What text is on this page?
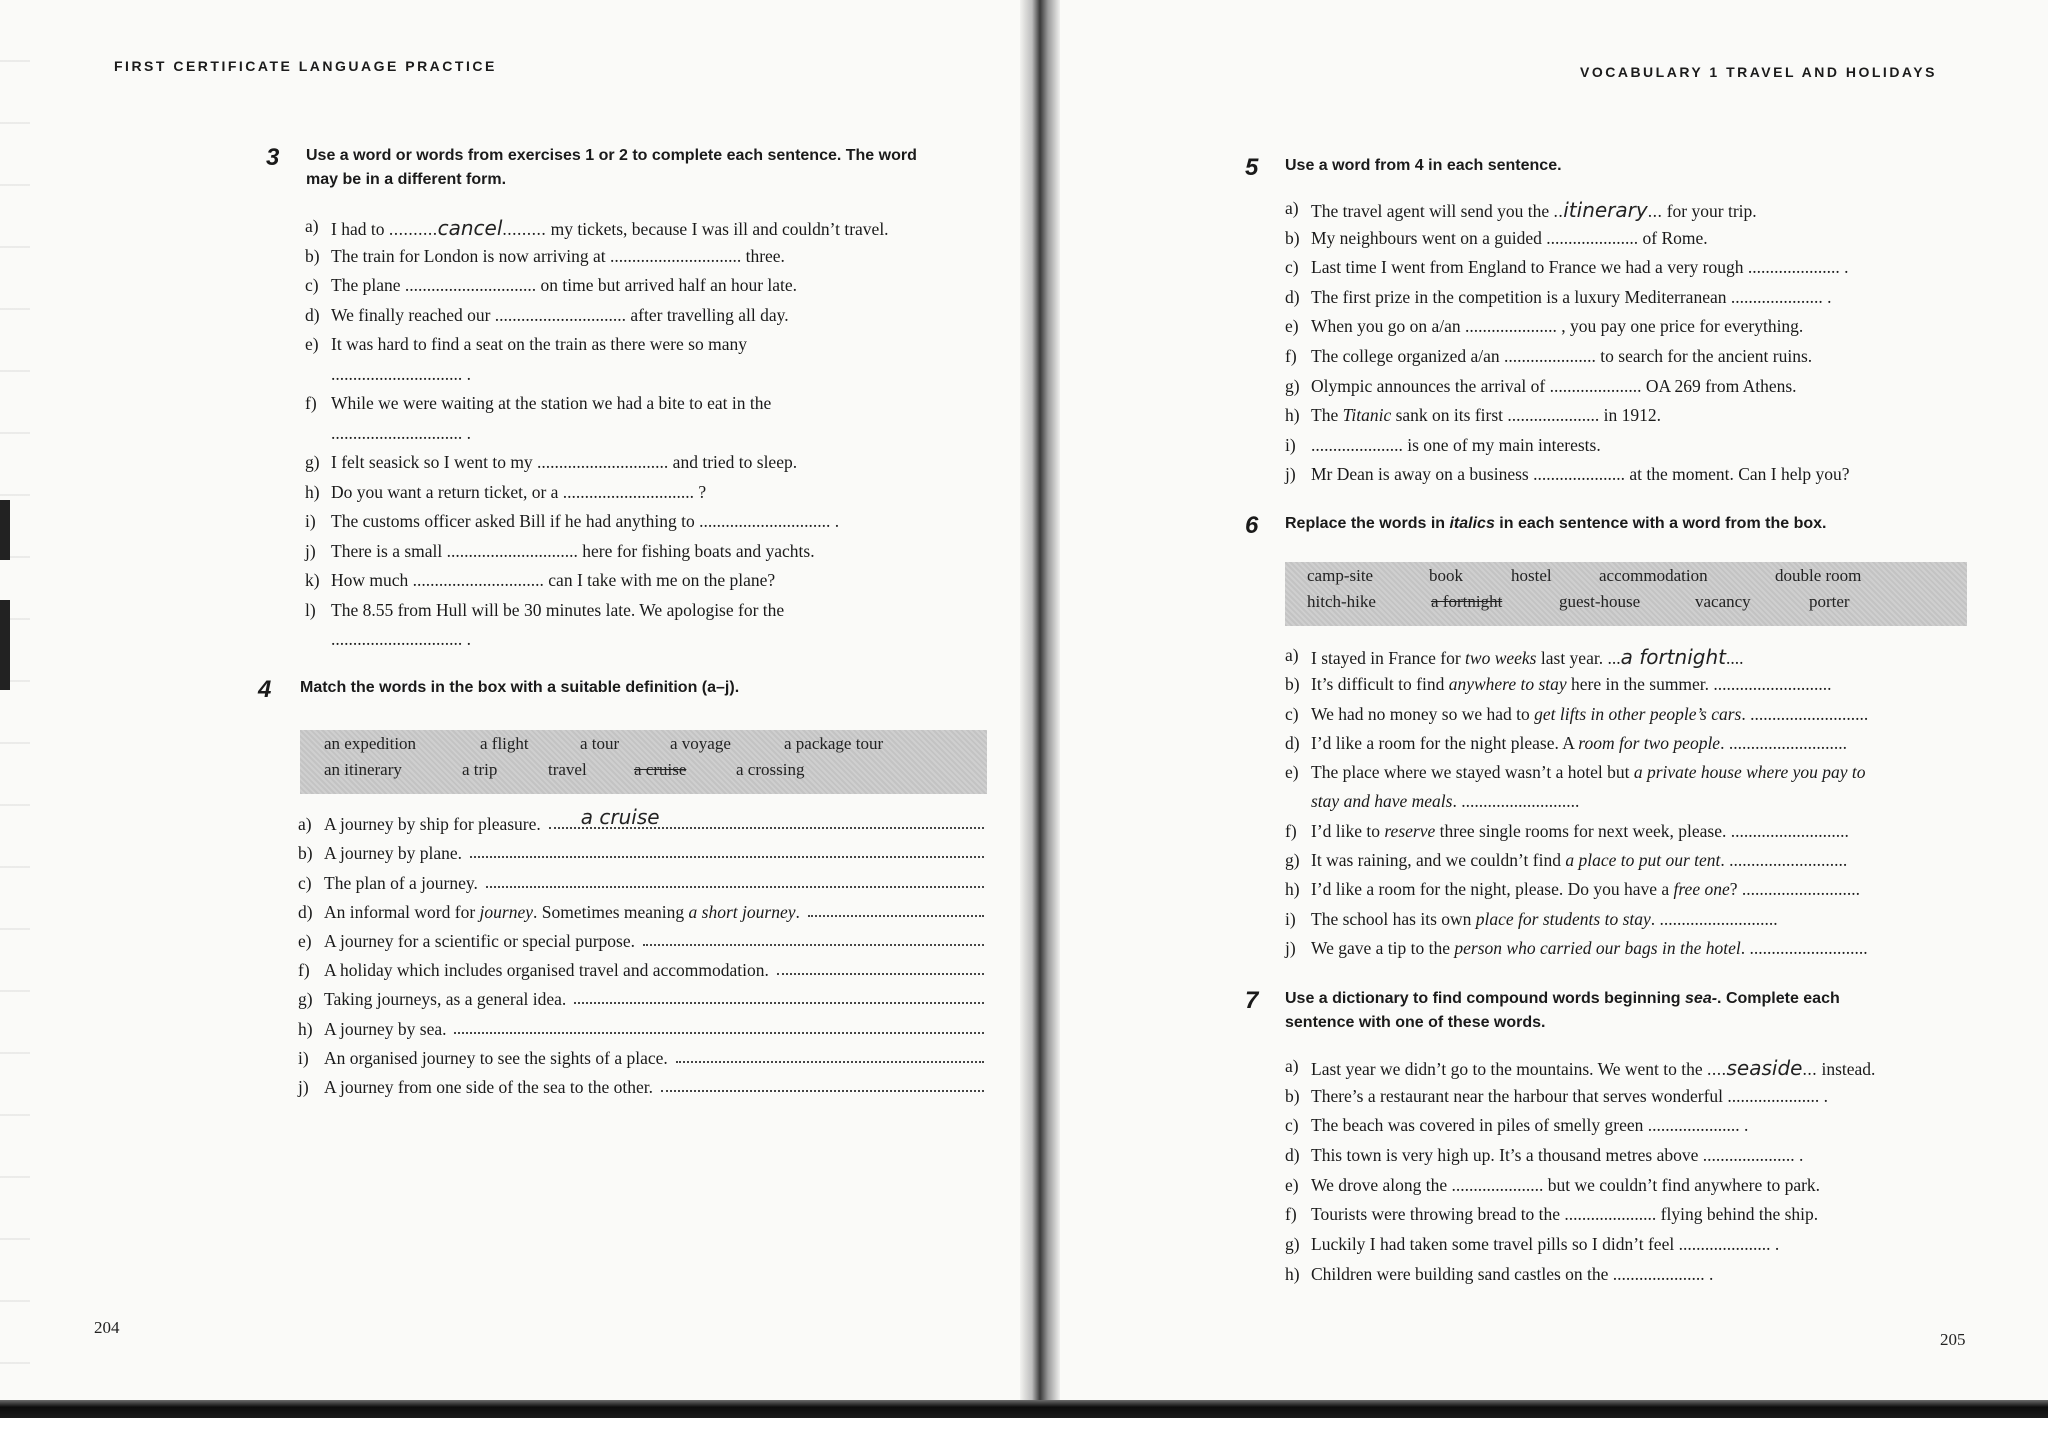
FIRST CERTIFICATE LANGUAGE PRACTICE	VOCABULARY 1 TRAVEL AND HOLIDAYS
3	Use a word or words from exercises 1 or 2 to complete each sentence. The word
may be in a different form.
a) I had to ..........cancel......... my tickets, because I was ill and couldn’t travel.
b) The train for London is now arriving at .............................. three.
c) The plane .............................. on time but arrived half an hour late.
d) We finally reached our .............................. after travelling all day.
e) It was hard to find a seat on the train as there were so many
.............................. .
f) While we were waiting at the station we had a bite to eat in the
.............................. .
g) I felt seasick so I went to my .............................. and tried to sleep.
h) Do you want a return ticket, or a .............................. ?
i) The customs officer asked Bill if he had anything to .............................. .
j) There is a small .............................. here for fishing boats and yachts.
k) How much .............................. can I take with me on the plane?
l) The 8.55 from Hull will be 30 minutes late. We apologise for the
.............................. .
4	Match the words in the box with a suitable definition (a–j).
an expedition	a flight	a tour	a voyage	a package tour
an itinerary	a trip	travel	a cruise	a crossing
a) A journey by ship for pleasure. a cruise
b) A journey by plane.
c) The plan of a journey.
d) An informal word for journey. Sometimes meaning a short journey.
e) A journey for a scientific or special purpose.
f) A holiday which includes organised travel and accommodation.
g) Taking journeys, as a general idea.
h) A journey by sea.
i) An organised journey to see the sights of a place.
j) A journey from one side of the sea to the other.
204
5	Use a word from 4 in each sentence.
a) The travel agent will send you the ..itinerary... for your trip.
b) My neighbours went on a guided ..................... of Rome.
c) Last time I went from England to France we had a very rough ..................... .
d) The first prize in the competition is a luxury Mediterranean ..................... .
e) When you go on a/an ..................... , you pay one price for everything.
f) The college organized a/an ..................... to search for the ancient ruins.
g) Olympic announces the arrival of ..................... OA 269 from Athens.
h) The Titanic sank on its first ..................... in 1912.
i) ..................... is one of my main interests.
j) Mr Dean is away on a business ..................... at the moment. Can I help you?
6	Replace the words in italics in each sentence with a word from the box.
camp-site	book	hostel	accommodation	double room
hitch-hike	a fortnight	guest-house	vacancy	porter
a) I stayed in France for two weeks last year. ...a fortnight....
b) It’s difficult to find anywhere to stay here in the summer. ...........................
c) We had no money so we had to get lifts in other people’s cars. ...........................
d) I’d like a room for the night please. A room for two people. ...........................
e) The place where we stayed wasn’t a hotel but a private house where you pay to
stay and have meals. ...........................
f) I’d like to reserve three single rooms for next week, please. ...........................
g) It was raining, and we couldn’t find a place to put our tent. ...........................
h) I’d like a room for the night, please. Do you have a free one? ...........................
i) The school has its own place for students to stay. ...........................
j) We gave a tip to the person who carried our bags in the hotel. ...........................
7	Use a dictionary to find compound words beginning sea-. Complete each
sentence with one of these words.
a) Last year we didn’t go to the mountains. We went to the ....seaside... instead.
b) There’s a restaurant near the harbour that serves wonderful ..................... .
c) The beach was covered in piles of smelly green ..................... .
d) This town is very high up. It’s a thousand metres above ..................... .
e) We drove along the ..................... but we couldn’t find anywhere to park.
f) Tourists were throwing bread to the ..................... flying behind the ship.
g) Luckily I had taken some travel pills so I didn’t feel ..................... .
h) Children were building sand castles on the ..................... .
205
